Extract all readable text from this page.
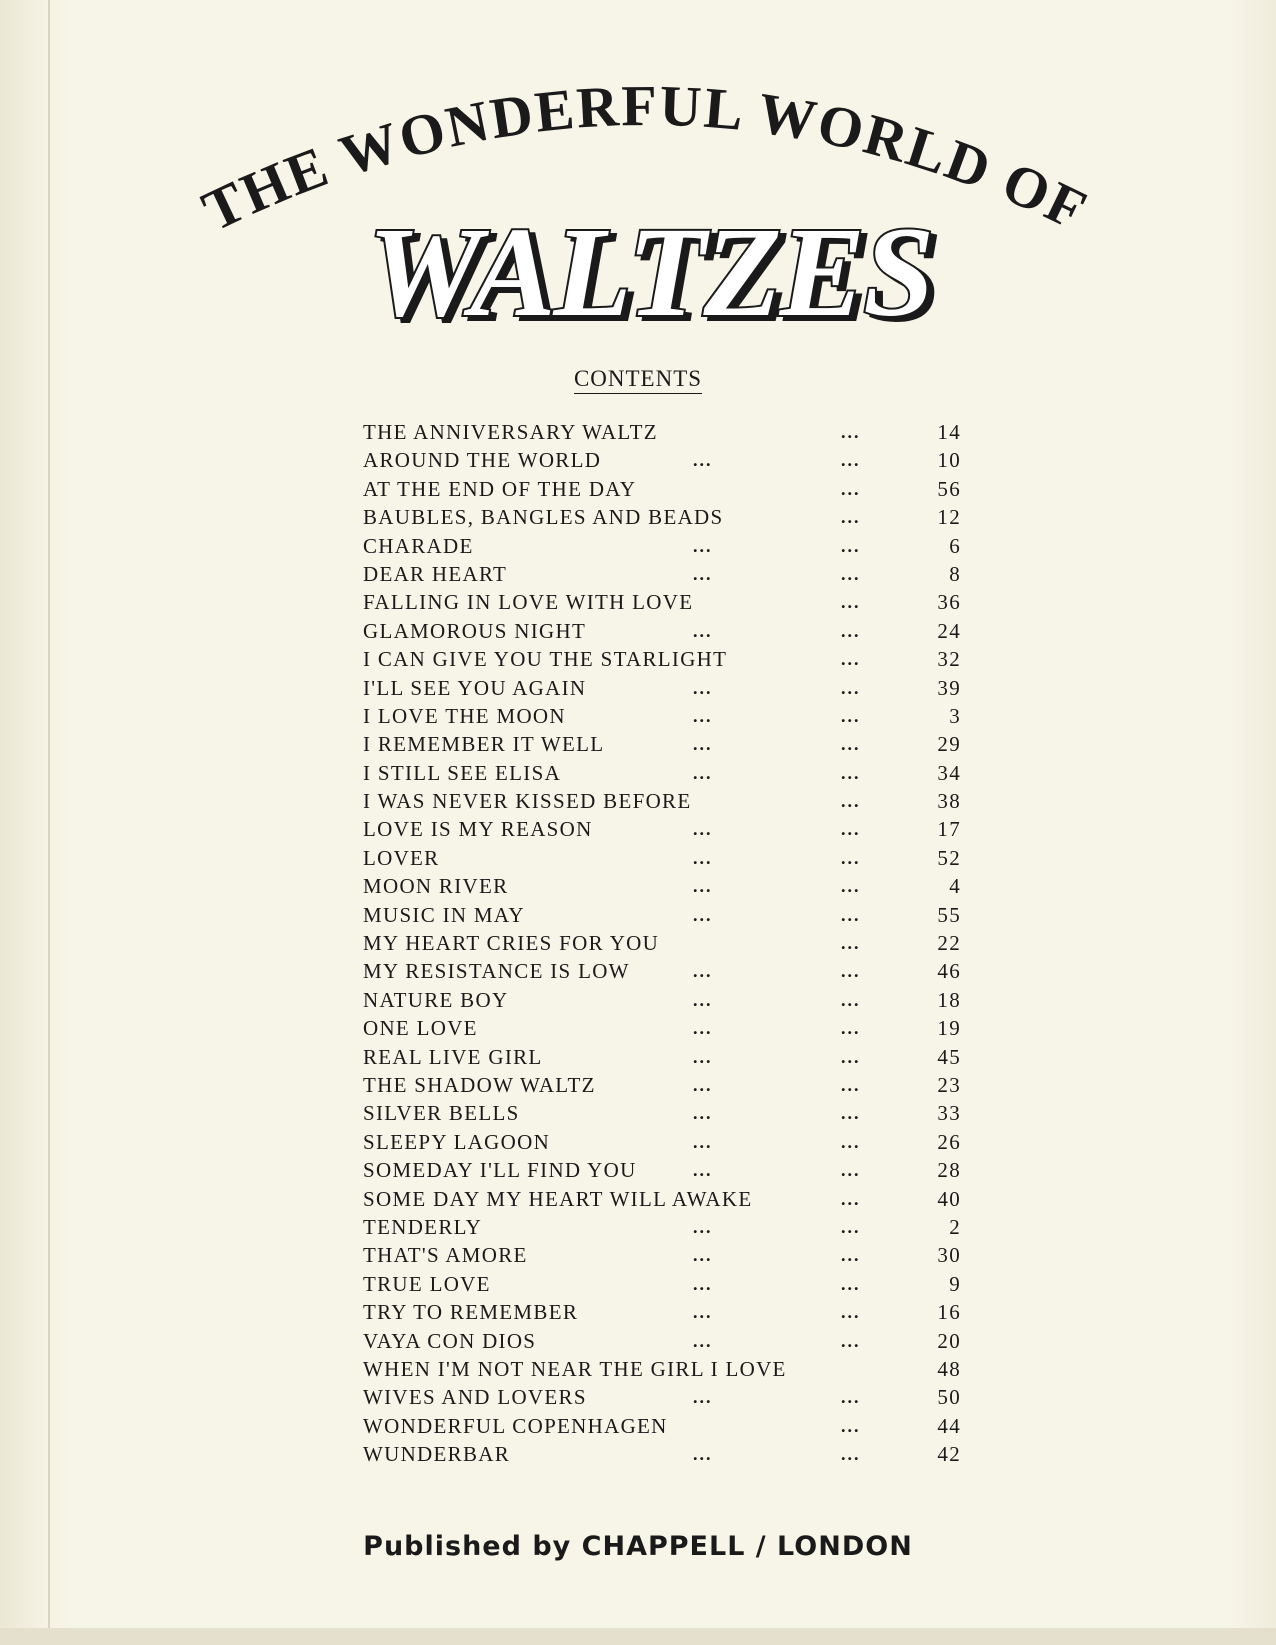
THE WONDERFUL WORLD OF
WALTZES
CONTENTS
THE ANNIVERSARY WALTZ	...	14
AROUND THE WORLD	...	...	10
AT THE END OF THE DAY	...	56
BAUBLES, BANGLES AND BEADS	...	12
CHARADE	...	...	6
DEAR HEART	...	...	8
FALLING IN LOVE WITH LOVE	...	36
GLAMOROUS NIGHT	...	...	24
I CAN GIVE YOU THE STARLIGHT	...	32
I'LL SEE YOU AGAIN	...	...	39
I LOVE THE MOON	...	...	3
I REMEMBER IT WELL	...	...	29
I STILL SEE ELISA	...	...	34
I WAS NEVER KISSED BEFORE	...	38
LOVE IS MY REASON	...	...	17
LOVER	...	...	52
MOON RIVER	...	...	4
MUSIC IN MAY	...	...	55
MY HEART CRIES FOR YOU	...	22
MY RESISTANCE IS LOW	...	...	46
NATURE BOY	...	...	18
ONE LOVE	...	...	19
REAL LIVE GIRL	...	...	45
THE SHADOW WALTZ	...	...	23
SILVER BELLS	...	...	33
SLEEPY LAGOON	...	...	26
SOMEDAY I'LL FIND YOU	...	...	28
SOME DAY MY HEART WILL AWAKE	...	40
TENDERLY	...	...	2
THAT'S AMORE	...	...	30
TRUE LOVE	...	...	9
TRY TO REMEMBER	...	...	16
VAYA CON DIOS	...	...	20
WHEN I'M NOT NEAR THE GIRL I LOVE	48
WIVES AND LOVERS	...	...	50
WONDERFUL COPENHAGEN	...	44
WUNDERBAR	...	...	42
Published by CHAPPELL / LONDON
